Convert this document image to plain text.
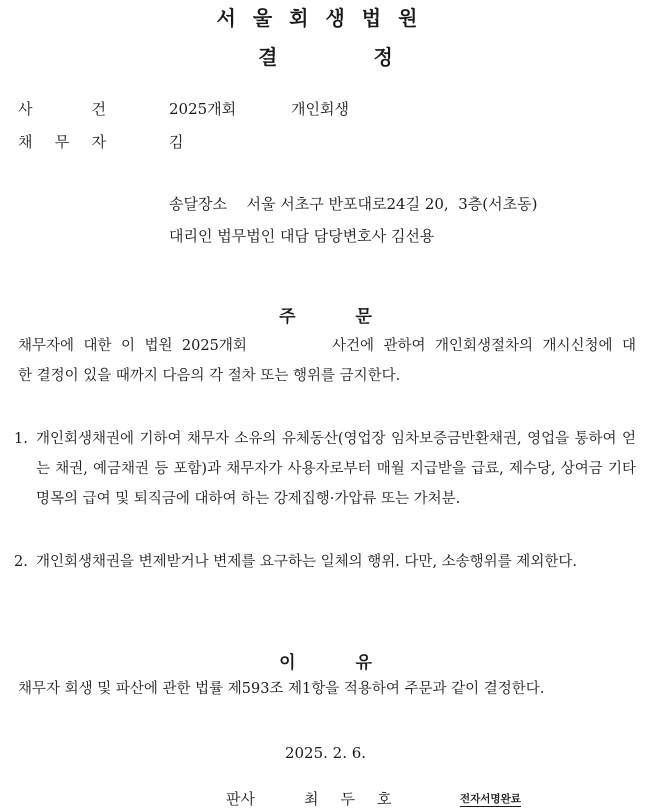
서울회생법원
결정
사	건	2025개회	개인회생
채 무 자	김
송달장소 서울 서초구 반포대로24길 20,  3층(서초동)
대리인 법무법인 대담 담당변호사 김선용
주문
채무자에 대한 이 법원 2025개회         사건에 관하여 개인회생절차의 개시신청에 대
한 결정이 있을 때까지 다음의 각 절차 또는 행위를 금지한다.
1. 개인회생채권에 기하여 채무자 소유의 유체동산(영업장 임차보증금반환채권, 영업을 통하여 얻는 채권, 예금채권 등 포함)과 채무자가 사용자로부터 매월 지급받을 급료, 제수당, 상여금 기타 명목의 급여 및 퇴직금에 대하여 하는 강제집행·가압류 또는 가처분.
2. 개인회생채권을 변제받거나 변제를 요구하는 일체의 행위. 다만, 소송행위를 제외한다.
이유
채무자 회생 및 파산에 관한 법률 제593조 제1항을 적용하여 주문과 같이 결정한다.
2025. 2. 6.
판사	최두호	전자서명완료
